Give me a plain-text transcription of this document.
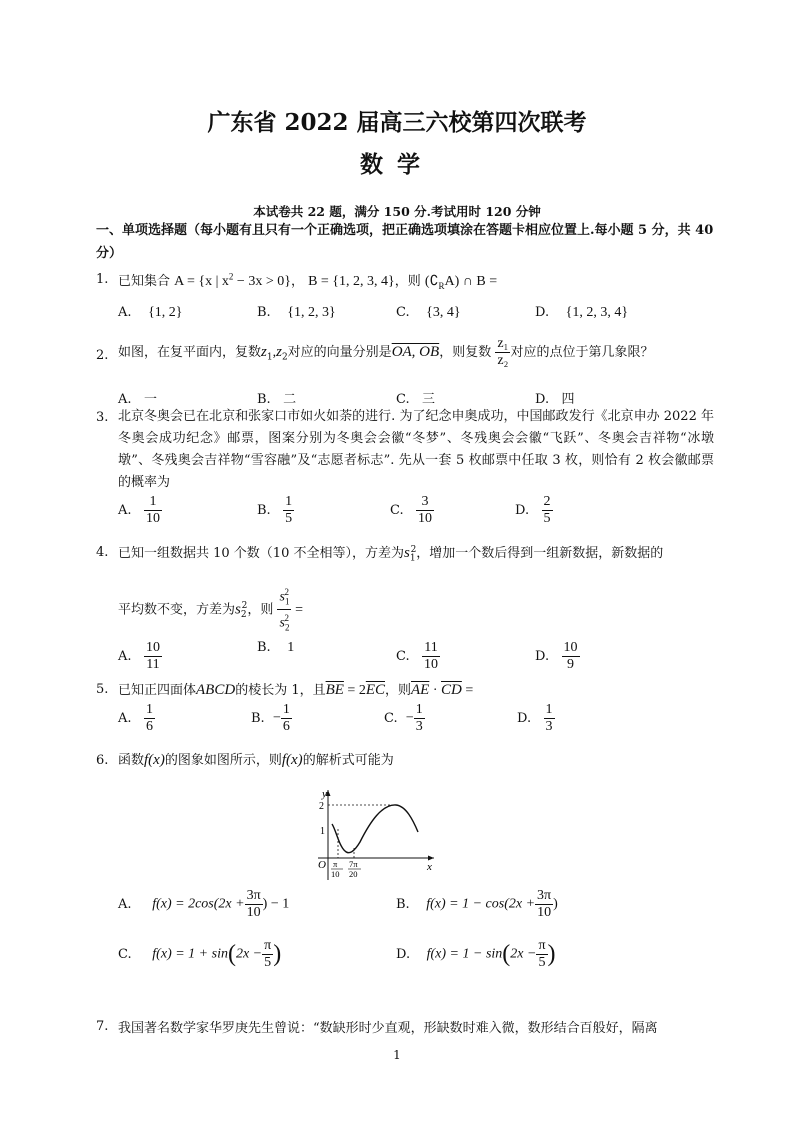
广东省 2022 届高三六校第四次联考
数学
本试卷共 22 题，满分 150 分.考试用时 120 分钟
一、单项选择题（每小题有且只有一个正确选项，把正确选项填涂在答题卡相应位置上.每小题 5 分，共 40 分）
1. 已知集合 A = {x | $x^2 - 3x > 0$}， B = {1, 2, 3, 4}，则 $(∁_RA)$ ∩ B =
A. {1, 2}	B. {1, 2, 3}	C. {3, 4}	D. {1, 2, 3, 4}
2. 如图，在复平面内，复数$z_1,z_2$对应的向量分别是OA, OB，则复数 $\frac{\text{z₁}}{\text{z₂}}$ 对应的点位于第几象限？
A. 一	B. 二	C. 三	D. 四
3. 北京冬奥会已在北京和张家口市如火如荼的进行. 为了纪念申奥成功，中国邮政发行《北京申办 2022 年冬奥会成功纪念》邮票，图案分别为冬奥会会徽“冬梦”、冬残奥会会徽“飞跃”、冬奥会吉祥物“冰墩墩”、冬残奥会吉祥物“雪容融”及“志愿者标志”. 先从一套 5 枚邮票中任取 3 枚，则恰有 2 枚会徽邮票的概率为
A. $\frac{1}{10}$	B. $\frac{1}{5}$	C. $\frac{3}{10}$	D. $\frac{2}{5}$
4. 已知一组数据共 10 个数（10 不全相等），方差为$s_1^2$，增加一个数后得到一组新数据，新数据的
平均数不变，方差为$s_2^2$，则 $\frac{s_1^2}{s_2^2}$ =
A. $\frac{10}{11}$	B. 1
C. $\frac{11}{10}$	D. $\frac{10}{9}$
5. 已知正四面体ABCD的棱长为 1，且$\overline{BE} = 2\overline{EC}$，则$\overline{AE} \cdot \overline{CD}$ =
A. $\frac{1}{6}$	B. − $\frac{1}{6}$	C. − $\frac{1}{3}$	D. $\frac{1}{3}$
6. 函数f(x)的图象如图所示，则f(x)的解析式可能为
y
x
O
2
1
π
10
7π
20
A. $f(x) = 2\cos(2x + \frac{3\pi}{10}$ ) − 1	B. $f(x) = 1 - \cos(2x + \frac{3\pi}{10}$ )
C. $f(x) = 1 + \sin(2x - \frac{\pi}{5}$ )	D. $f(x) = 1 - \sin(2x - \frac{\pi}{5}$ )
7. 我国著名数学家华罗庚先生曾说：“数缺形时少直观，形缺数时难入微，数形结合百般好，隔离
1
